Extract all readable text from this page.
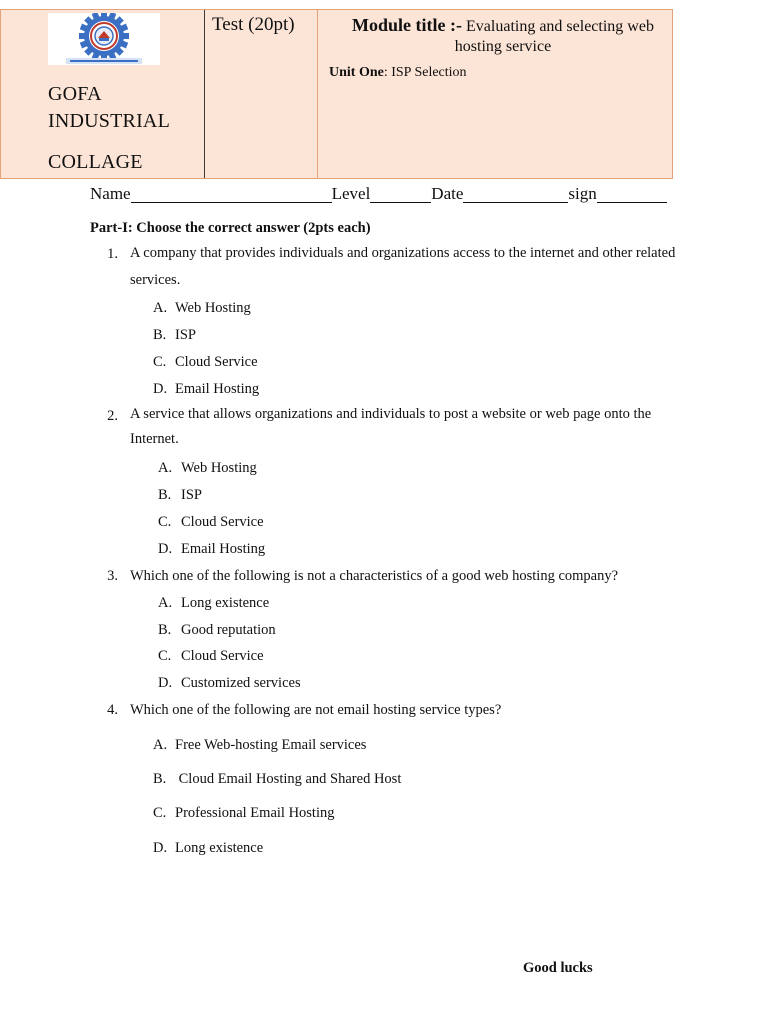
GOFA
INDUSTRIAL
COLLAGE
Test (20pt)	Module title :- Evaluating and selecting web hosting service
Unit One: ISP Selection
Name	Level	Date	sign
Part-I: Choose the correct answer (2pts each)
1. A company that provides individuals and organizations access to the internet and other related services.
A. Web Hosting
B. ISP
C. Cloud Service
D. Email Hosting
2. A service that allows organizations and individuals to post a website or web page onto the Internet.
A. Web Hosting
B. ISP
C. Cloud Service
D. Email Hosting
3. Which one of the following is not a characteristics of a good web hosting company?
A. Long existence
B. Good reputation
C. Cloud Service
D. Customized services
4. Which one of the following are not email hosting service types?
A. Free Web-hosting Email services
B. Cloud Email Hosting and Shared Host
C. Professional Email Hosting
D. Long existence
Good lucks
